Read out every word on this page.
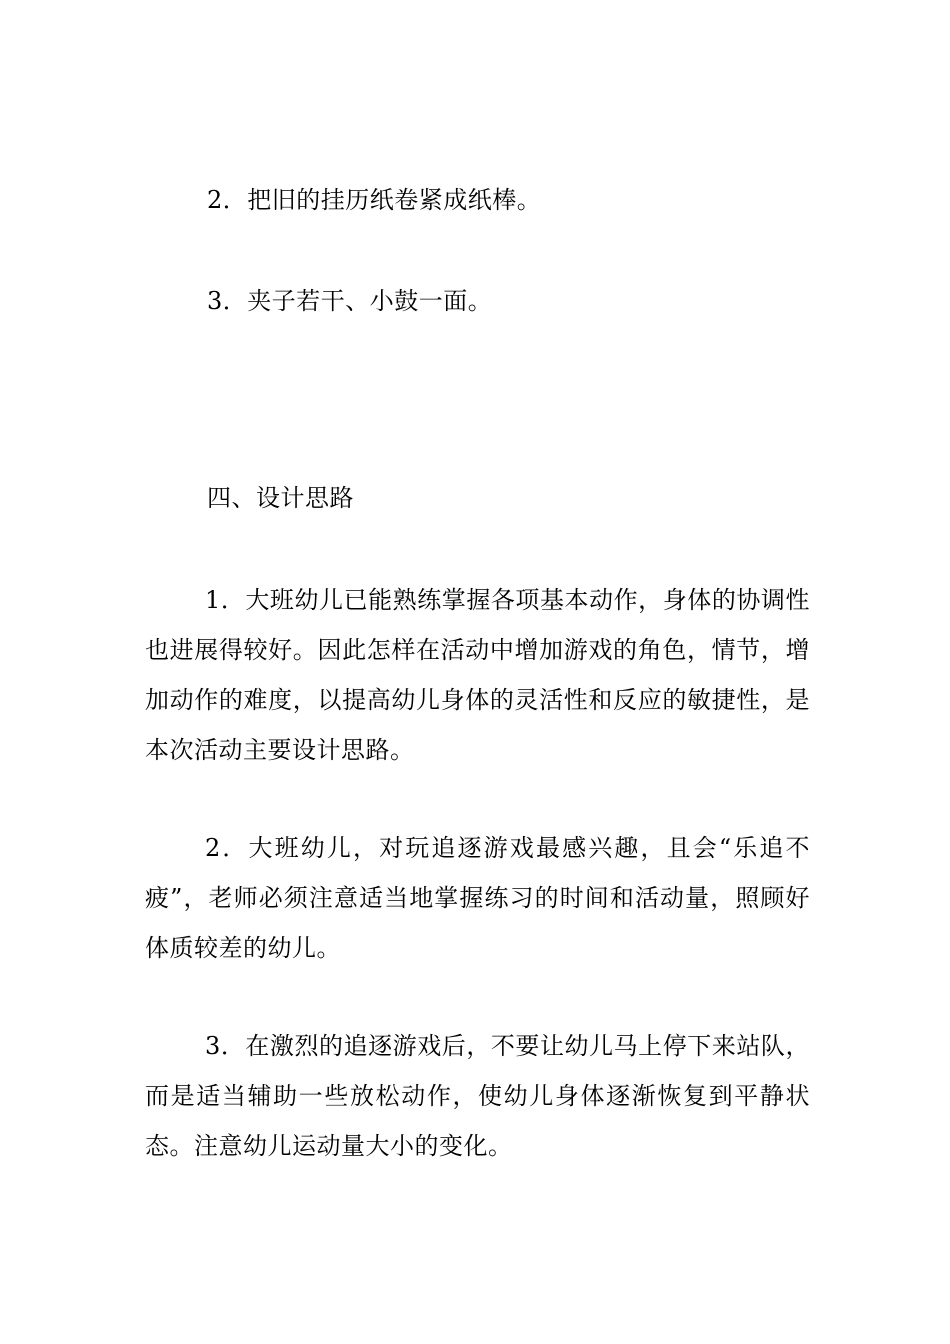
2．把旧的挂历纸卷紧成纸棒。
3．夹子若干、小鼓一面。
四、设计思路
1．大班幼儿已能熟练掌握各项基本动作，身体的协调性也进展得较好。因此怎样在活动中增加游戏的角色，情节，增加动作的难度，以提高幼儿身体的灵活性和反应的敏捷性，是本次活动主要设计思路。
2．大班幼儿，对玩追逐游戏最感兴趣，且会“乐追不疲”，老师必须注意适当地掌握练习的时间和活动量，照顾好体质较差的幼儿。
3．在激烈的追逐游戏后，不要让幼儿马上停下来站队，而是适当辅助一些放松动作，使幼儿身体逐渐恢复到平静状态。注意幼儿运动量大小的变化。
